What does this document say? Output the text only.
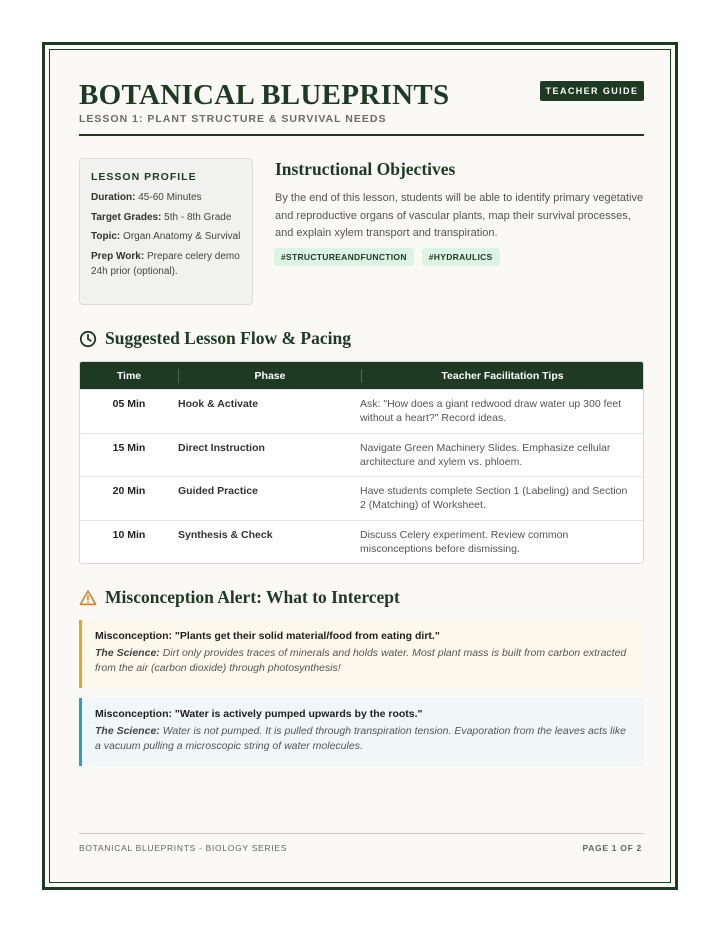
BOTANICAL BLUEPRINTS
LESSON 1: PLANT STRUCTURE & SURVIVAL NEEDS
TEACHER GUIDE
LESSON PROFILE

Duration: 45-60 Minutes

Target Grades: 5th - 8th Grade

Topic: Organ Anatomy & Survival

Prep Work: Prepare celery demo 24h prior (optional).

Instructional Objectives
By the end of this lesson, students will be able to identify primary vegetative and reproductive organs of vascular plants, map their survival processes, and explain xylem transport and transpiration.
#STRUCTUREANDFUNCTION	#HYDRAULICS
Suggested Lesson Flow & Pacing
Time	Phase	Teacher Facilitation Tips
05 Min	Hook & Activate	Ask: "How does a giant redwood draw water up 300 feet without a heart?" Record ideas.
15 Min	Direct Instruction	Navigate Green Machinery Slides. Emphasize cellular architecture and xylem vs. phloem.
20 Min	Guided Practice	Have students complete Section 1 (Labeling) and Section 2 (Matching) of Worksheet.
10 Min	Synthesis & Check	Discuss Celery experiment. Review common misconceptions before dismissing.
Misconception Alert: What to Intercept
Misconception: "Plants get their solid material/food from eating dirt."
The Science: Dirt only provides traces of minerals and holds water. Most plant mass is built from carbon extracted from the air (carbon dioxide) through photosynthesis!
Misconception: "Water is actively pumped upwards by the roots."
The Science: Water is not pumped. It is pulled through transpiration tension. Evaporation from the leaves acts like a vacuum pulling a microscopic string of water molecules.
BOTANICAL BLUEPRINTS - BIOLOGY SERIES	PAGE 1 OF 2
